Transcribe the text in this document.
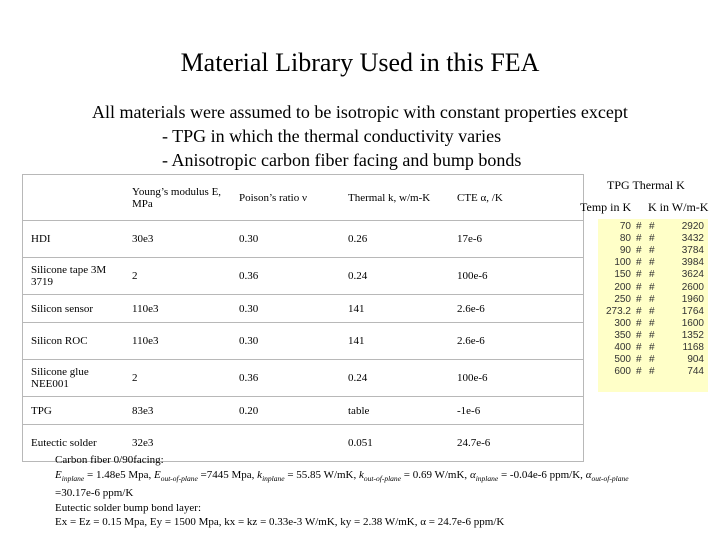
Material Library Used in this FEA
All materials were assumed to be isotropic with constant properties except
- TPG in which the thermal conductivity varies
- Anisotropic carbon fiber facing and bump bonds
	Young’s modulus E, MPa	Poison’s ratio ν	Thermal k, w/m-K	CTE α, /K
HDI	30e3	0.30	0.26	17e-6
Silicone tape 3M 3719	2	0.36	0.24	100e-6
Silicon sensor	110e3	0.30	141	2.6e-6
Silicon ROC	110e3	0.30	141	2.6e-6
Silicone glue NEE001	2	0.36	0.24	100e-6
TPG	83e3	0.20	table	-1e-6
Eutectic solder	32e3		0.051	24.7e-6
TPG Thermal K
Temp in K K in W/m-K
70 # #	2920
80 # #	3432
90 # #	3784
100 # #	3984
150 # #	3624
200 # #	2600
250 # #	1960
273.2 # #	1764
300 # #	1600
350 # #	1352
400 # #	1168
500 # #	904
600 # #	744
Carbon fiber 0/90facing:
$E_{inplane} = 1.48e5$ Mpa, $E_{out-of-plane} =7445$ Mpa, $k_{inplane} = 55.85$ W/mK, $k_{out-of-plane} = 0.69$ W/mK, $\alpha_{inplane} = -0.04e-6$ ppm/K, $\alpha_{out-of-plane}$
=30.17e-6 ppm/K
Eutectic solder bump bond layer:
Ex = Ez = 0.15 Mpa, Ey = 1500 Mpa, kx = kz = 0.33e-3 W/mK, ky = 2.38 W/mK, α = 24.7e-6 ppm/K
